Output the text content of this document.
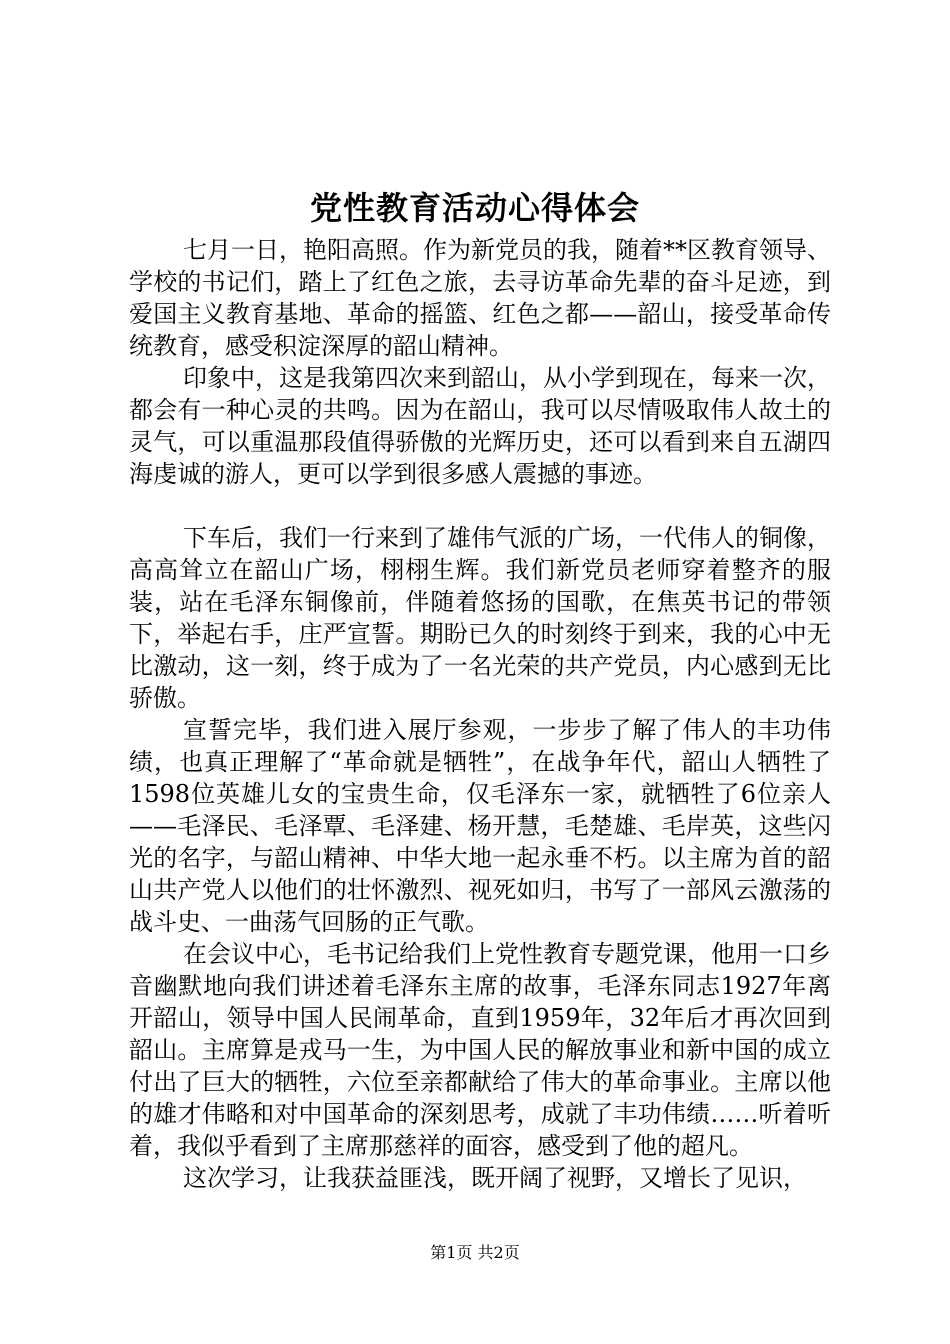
党性教育活动心得体会

七月一日，艳阳高照。作为新党员的我，随着**区教育领导、学校的书记们，踏上了红色之旅，去寻访革命先辈的奋斗足迹，到爱国主义教育基地、革命的摇篮、红色之都——韶山，接受革命传统教育，感受积淀深厚的韶山精神。

印象中，这是我第四次来到韶山，从小学到现在，每来一次，都会有一种心灵的共鸣。因为在韶山，我可以尽情吸取伟人故土的灵气，可以重温那段值得骄傲的光辉历史，还可以看到来自五湖四海虔诚的游人，更可以学到很多感人震撼的事迹。

下车后，我们一行来到了雄伟气派的广场，一代伟人的铜像，高高耸立在韶山广场，栩栩生辉。我们新党员老师穿着整齐的服装，站在毛泽东铜像前，伴随着悠扬的国歌，在焦英书记的带领下，举起右手，庄严宣誓。期盼已久的时刻终于到来，我的心中无比激动，这一刻，终于成为了一名光荣的共产党员，内心感到无比骄傲。

宣誓完毕，我们进入展厅参观，一步步了解了伟人的丰功伟绩，也真正理解了“革命就是牺牲”，在战争年代，韶山人牺牲了1598位英雄儿女的宝贵生命，仅毛泽东一家，就牺牲了6位亲人——毛泽民、毛泽覃、毛泽建、杨开慧，毛楚雄、毛岸英，这些闪光的名字，与韶山精神、中华大地一起永垂不朽。以主席为首的韶山共产党人以他们的壮怀激烈、视死如归，书写了一部风云激荡的战斗史、一曲荡气回肠的正气歌。

在会议中心，毛书记给我们上党性教育专题党课，他用一口乡音幽默地向我们讲述着毛泽东主席的故事，毛泽东同志1927年离开韶山，领导中国人民闹革命，直到1959年，32年后才再次回到韶山。主席算是戎马一生，为中国人民的解放事业和新中国的成立付出了巨大的牺牲，六位至亲都献给了伟大的革命事业。主席以他的雄才伟略和对中国革命的深刻思考，成就了丰功伟绩……听着听着，我似乎看到了主席那慈祥的面容，感受到了他的超凡。

这次学习，让我获益匪浅，既开阔了视野，又增长了见识，

第1页 共2页
